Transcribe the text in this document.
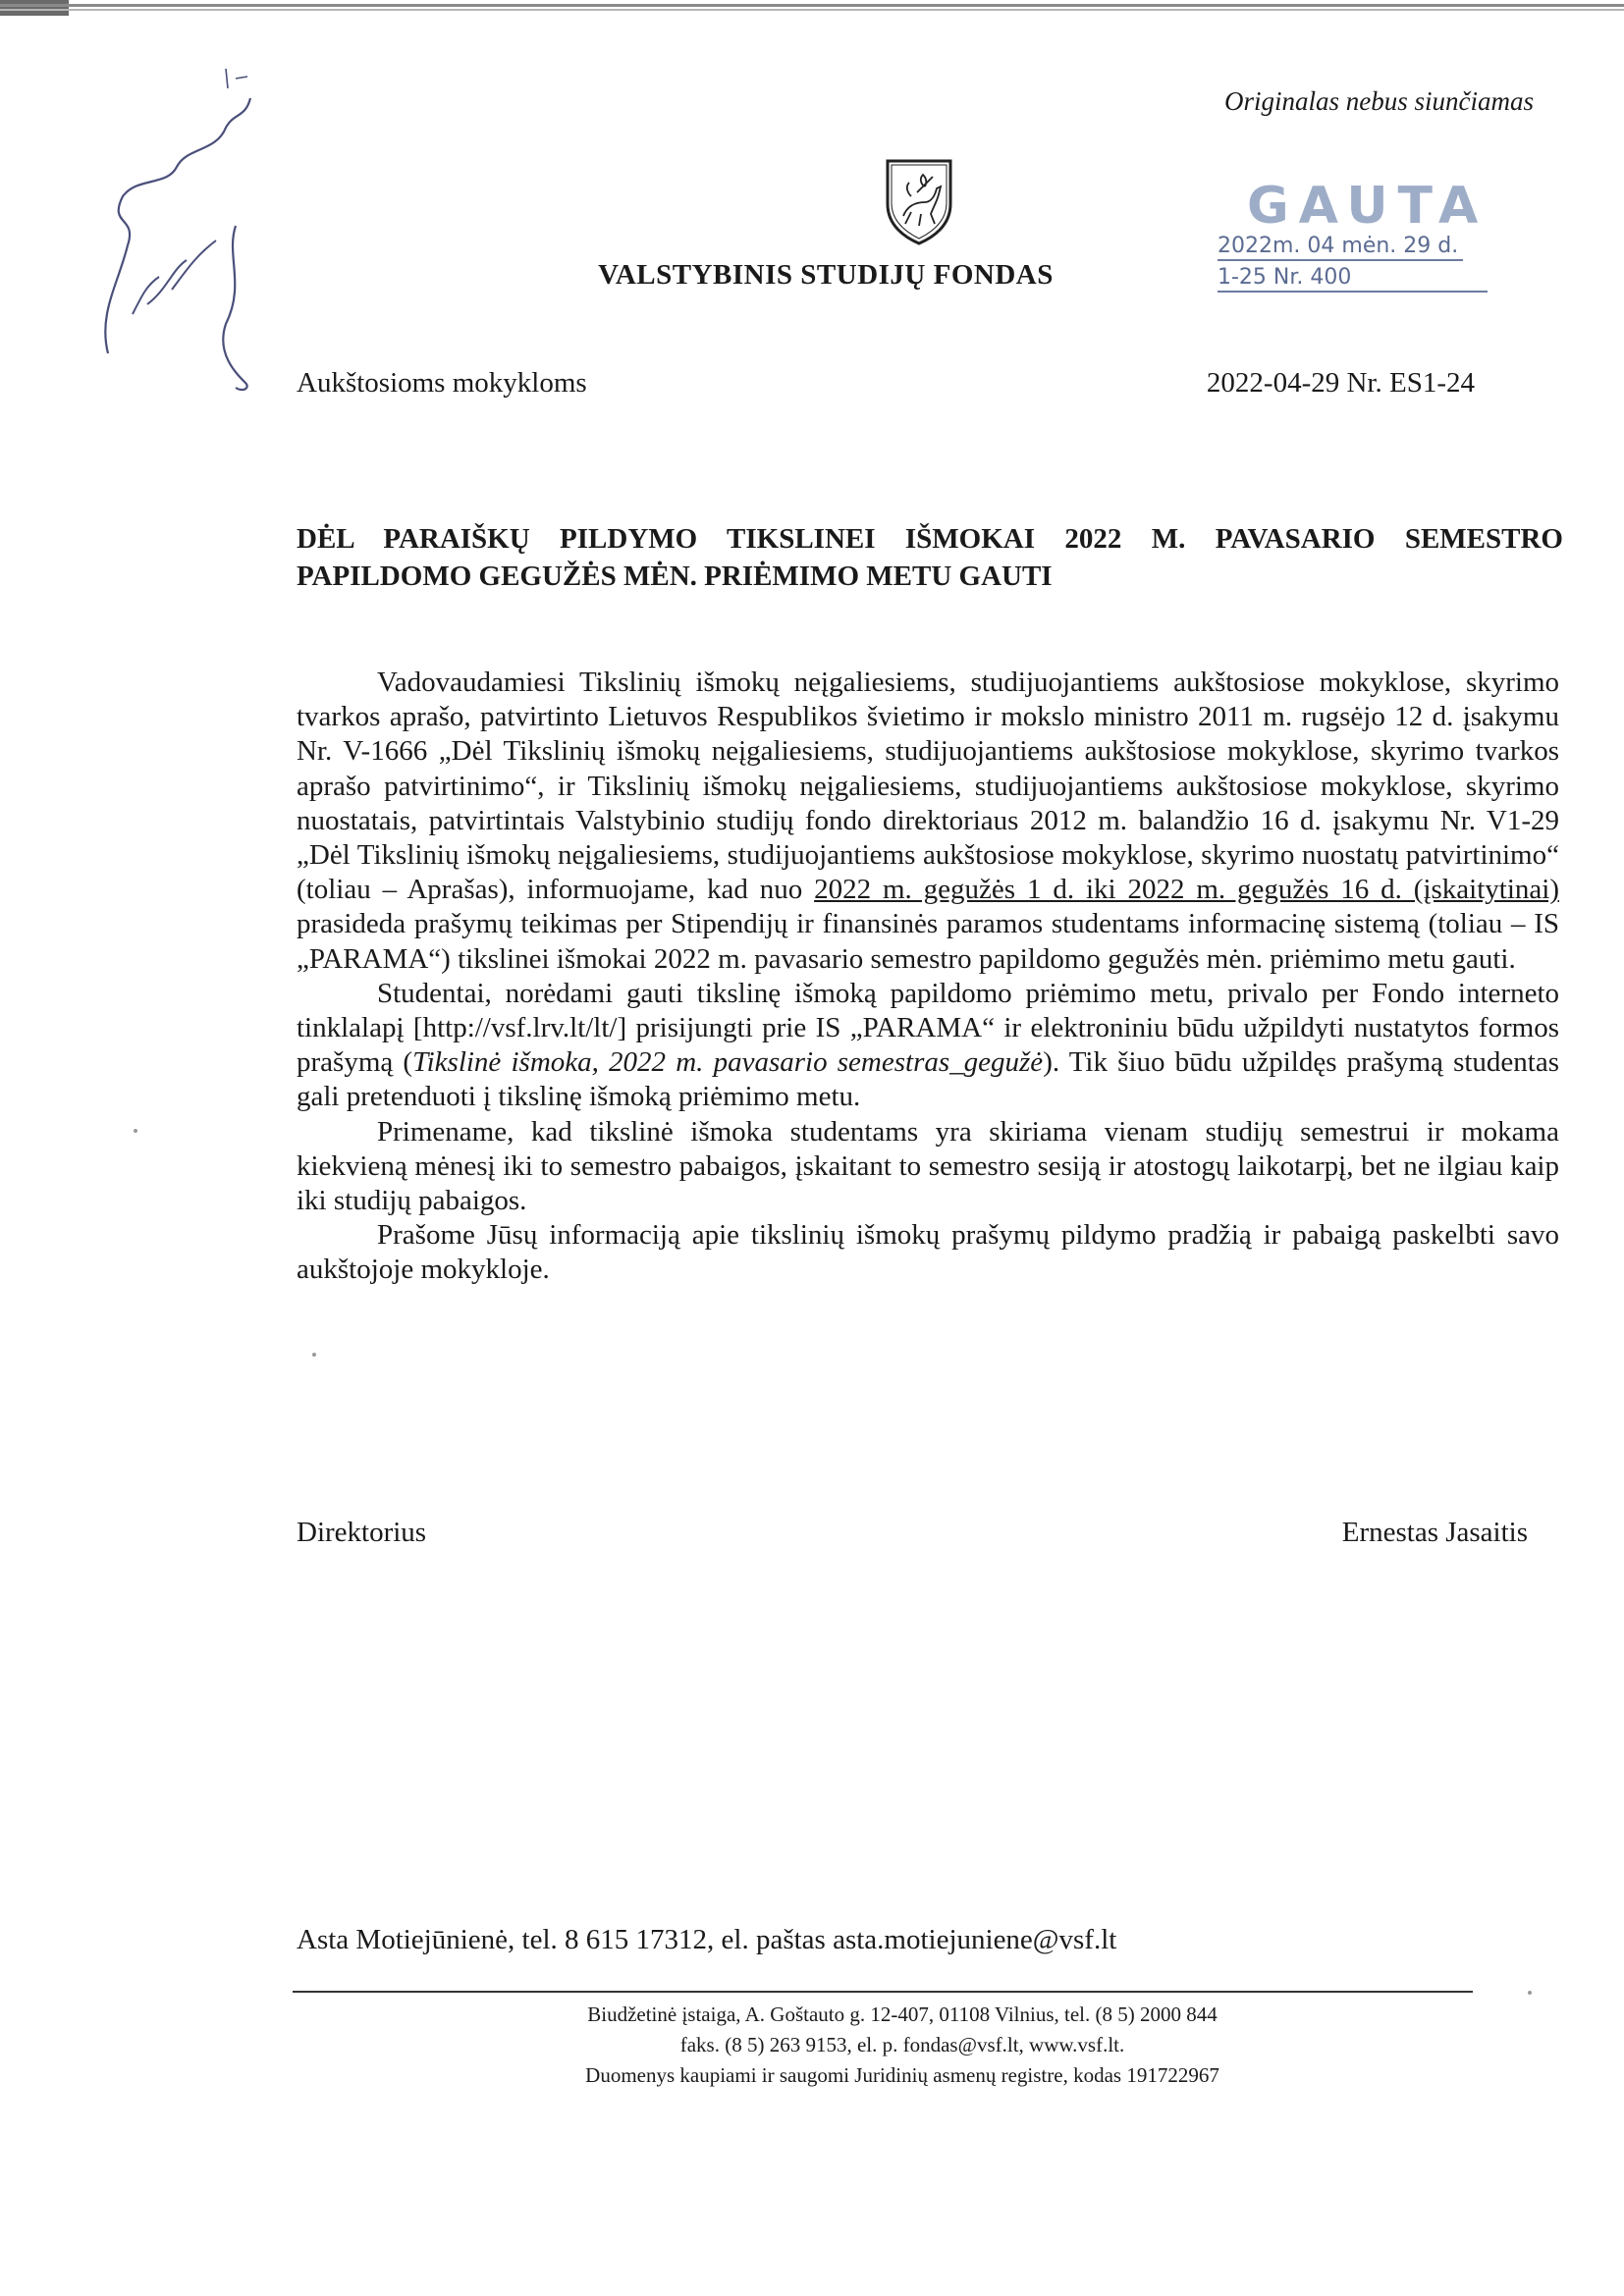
Originalas nebus siunčiamas
VALSTYBINIS STUDIJŲ FONDAS
GAUTA
2022m. 04 mėn. 29 d.
1-25 Nr. 400
Aukštosioms mokykloms	2022-04-29 Nr. ES1-24
DĖL PARAIŠKŲ PILDYMO TIKSLINEI IŠMOKAI 2022 M. PAVASARIO SEMESTRO
PAPILDOMO GEGUŽĖS MĖN. PRIĖMIMO METU GAUTI

Vadovaudamiesi Tikslinių išmokų neįgaliesiems, studijuojantiems aukštosiose mokyklose, skyrimo tvarkos aprašo, patvirtinto Lietuvos Respublikos švietimo ir mokslo ministro 2011 m. rugsėjo 12 d. įsakymu Nr. V-1666 „Dėl Tikslinių išmokų neįgaliesiems, studijuojantiems aukštosiose mokyklose, skyrimo tvarkos aprašo patvirtinimo“, ir Tikslinių išmokų neįgaliesiems, studijuojantiems aukštosiose mokyklose, skyrimo nuostatais, patvirtintais Valstybinio studijų fondo direktoriaus 2012 m. balandžio 16 d. įsakymu Nr. V1-29 „Dėl Tikslinių išmokų neįgaliesiems, studijuojantiems aukštosiose mokyklose, skyrimo nuostatų patvirtinimo“ (toliau – Aprašas), informuojame, kad nuo 2022 m. gegužės 1 d. iki 2022 m. gegužės 16 d. (įskaitytinai) prasideda prašymų teikimas per Stipendijų ir finansinės paramos studentams informacinę sistemą (toliau – IS „PARAMA“) tikslinei išmokai 2022 m. pavasario semestro papildomo gegužės mėn. priėmimo metu gauti.

Studentai, norėdami gauti tikslinę išmoką papildomo priėmimo metu, privalo per Fondo interneto tinklalapį [http://vsf.lrv.lt/lt/] prisijungti prie IS „PARAMA“ ir elektroniniu būdu užpildyti nustatytos formos prašymą (Tikslinė išmoka, 2022 m. pavasario semestras_gegužė). Tik šiuo būdu užpildęs prašymą studentas gali pretenduoti į tikslinę išmoką priėmimo metu.

Primename, kad tikslinė išmoka studentams yra skiriama vienam studijų semestrui ir mokama kiekvieną mėnesį iki to semestro pabaigos, įskaitant to semestro sesiją ir atostogų laikotarpį, bet ne ilgiau kaip iki studijų pabaigos.

Prašome Jūsų informaciją apie tikslinių išmokų prašymų pildymo pradžią ir pabaigą paskelbti savo aukštojoje mokykloje.

Direktorius	Ernestas Jasaitis
Asta Motiejūnienė, tel. 8 615 17312, el. paštas asta.motiejuniene@vsf.lt
Biudžetinė įstaiga, A. Goštauto g. 12-407, 01108 Vilnius, tel. (8 5) 2000 844
faks. (8 5) 263 9153, el. p. fondas@vsf.lt, www.vsf.lt.
Duomenys kaupiami ir saugomi Juridinių asmenų registre, kodas 191722967
